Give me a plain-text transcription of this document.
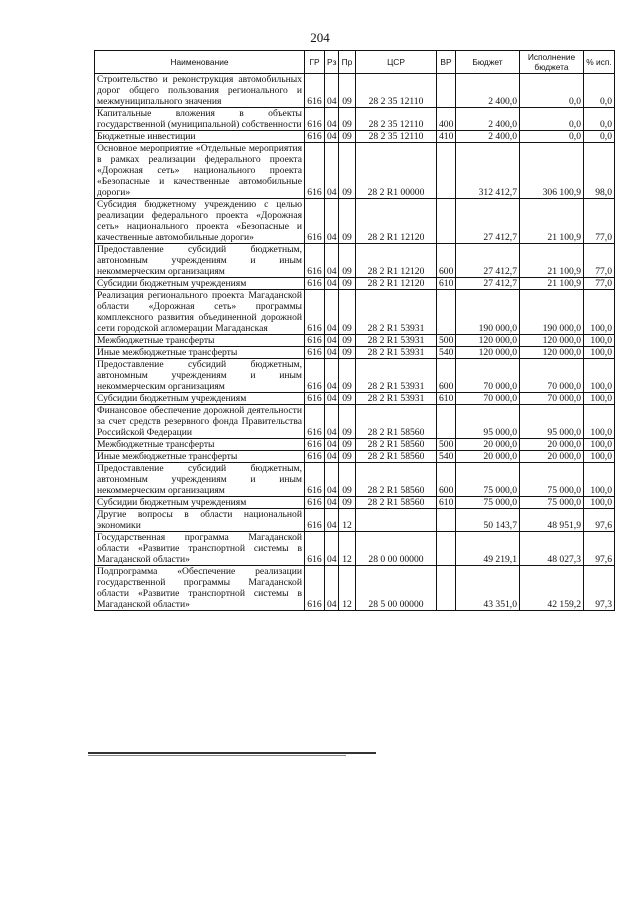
204
Наименование	ГР	Рз	Пр	ЦСР	ВР	Бюджет	Исполнение бюджета	% исп.
Строительство и реконструкция автомобильных дорог общего пользования регионального и межмуниципального значения	616	04	09	28 2 35 12110		2 400,0	0,0	0,0
Капитальные вложения в объекты государственной (муниципальной) собственности	616	04	09	28 2 35 12110	400	2 400,0	0,0	0,0
Бюджетные инвестиции	616	04	09	28 2 35 12110	410	2 400,0	0,0	0,0
Основное мероприятие «Отдельные мероприятия в рамках реализации федерального проекта «Дорожная сеть» национального проекта «Безопасные и качественные автомобильные дороги»	616	04	09	28 2 R1 00000		312 412,7	306 100,9	98,0
Субсидия бюджетному учреждению с целью реализации федерального проекта «Дорожная сеть» национального проекта «Безопасные и качественные автомобильные дороги»	616	04	09	28 2 R1 12120		27 412,7	21 100,9	77,0
Предоставление субсидий бюджетным, автономным учреждениям и иным некоммерческим организациям	616	04	09	28 2 R1 12120	600	27 412,7	21 100,9	77,0
Субсидии бюджетным учреждениям	616	04	09	28 2 R1 12120	610	27 412,7	21 100,9	77,0
Реализация регионального проекта Магаданской области «Дорожная сеть» программы комплексного развития объединенной дорожной сети городской агломерации Магаданская	616	04	09	28 2 R1 53931		190 000,0	190 000,0	100,0
Межбюджетные трансферты	616	04	09	28 2 R1 53931	500	120 000,0	120 000,0	100,0
Иные межбюджетные трансферты	616	04	09	28 2 R1 53931	540	120 000,0	120 000,0	100,0
Предоставление субсидий бюджетным, автономным учреждениям и иным некоммерческим организациям	616	04	09	28 2 R1 53931	600	70 000,0	70 000,0	100,0
Субсидии бюджетным учреждениям	616	04	09	28 2 R1 53931	610	70 000,0	70 000,0	100,0
Финансовое обеспечение дорожной деятельности за счет средств резервного фонда Правительства Российской Федерации	616	04	09	28 2 R1 58560		95 000,0	95 000,0	100,0
Межбюджетные трансферты	616	04	09	28 2 R1 58560	500	20 000,0	20 000,0	100,0
Иные межбюджетные трансферты	616	04	09	28 2 R1 58560	540	20 000,0	20 000,0	100,0
Предоставление субсидий бюджетным, автономным учреждениям и иным некоммерческим организациям	616	04	09	28 2 R1 58560	600	75 000,0	75 000,0	100,0
Субсидии бюджетным учреждениям	616	04	09	28 2 R1 58560	610	75 000,0	75 000,0	100,0
Другие вопросы в области национальной экономики	616	04	12			50 143,7	48 951,9	97,6
Государственная программа Магаданской области «Развитие транспортной системы в Магаданской области»	616	04	12	28 0 00 00000		49 219,1	48 027,3	97,6
Подпрограмма «Обеспечение реализации государственной программы Магаданской области «Развитие транспортной системы в Магаданской области»	616	04	12	28 5 00 00000		43 351,0	42 159,2	97,3
